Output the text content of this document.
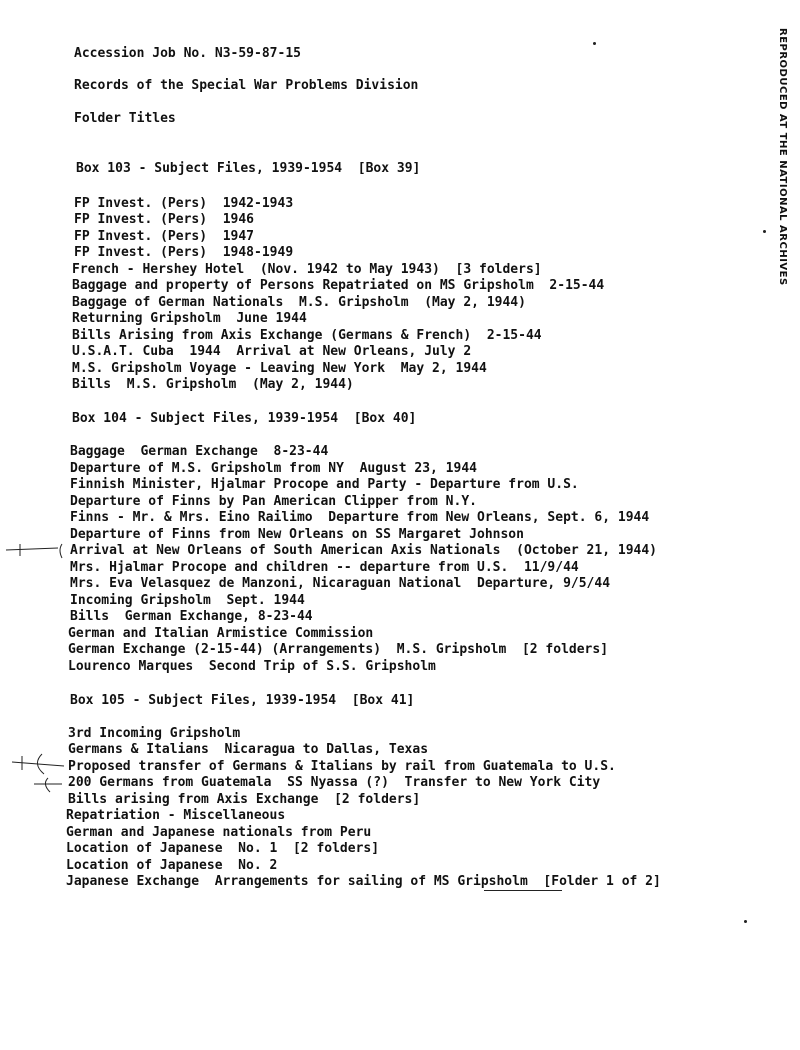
Accession Job No. N3-59-87-15
Records of the Special War Problems Division
Folder Titles
Box 103 - Subject Files, 1939-1954  [Box 39]
FP Invest. (Pers)  1942-1943
FP Invest. (Pers)  1946
FP Invest. (Pers)  1947
FP Invest. (Pers)  1948-1949
French - Hershey Hotel  (Nov. 1942 to May 1943)  [3 folders]
Baggage and property of Persons Repatriated on MS Gripsholm  2-15-44
Baggage of German Nationals  M.S. Gripsholm  (May 2, 1944)
Returning Gripsholm  June 1944
Bills Arising from Axis Exchange (Germans & French)  2-15-44
U.S.A.T. Cuba  1944  Arrival at New Orleans, July 2
M.S. Gripsholm Voyage - Leaving New York  May 2, 1944
Bills  M.S. Gripsholm  (May 2, 1944)
Box 104 - Subject Files, 1939-1954  [Box 40]
Baggage  German Exchange  8-23-44
Departure of M.S. Gripsholm from NY  August 23, 1944
Finnish Minister, Hjalmar Procope and Party - Departure from U.S.
Departure of Finns by Pan American Clipper from N.Y.
Finns - Mr. & Mrs. Eino Railimo  Departure from New Orleans, Sept. 6, 1944
Departure of Finns from New Orleans on SS Margaret Johnson
Arrival at New Orleans of South American Axis Nationals  (October 21, 1944)
Mrs. Hjalmar Procope and children -- departure from U.S.  11/9/44
Mrs. Eva Velasquez de Manzoni, Nicaraguan National  Departure, 9/5/44
Incoming Gripsholm  Sept. 1944
Bills  German Exchange, 8-23-44
German and Italian Armistice Commission
German Exchange (2-15-44) (Arrangements)  M.S. Gripsholm  [2 folders]
Lourenco Marques  Second Trip of S.S. Gripsholm
Box 105 - Subject Files, 1939-1954  [Box 41]
3rd Incoming Gripsholm
Germans & Italians  Nicaragua to Dallas, Texas
Proposed transfer of Germans & Italians by rail from Guatemala to U.S.
200 Germans from Guatemala  SS Nyassa (?)  Transfer to New York City
Bills arising from Axis Exchange  [2 folders]
Repatriation - Miscellaneous
German and Japanese nationals from Peru
Location of Japanese  No. 1  [2 folders]
Location of Japanese  No. 2
Japanese Exchange  Arrangements for sailing of MS Gripsholm  [Folder 1 of 2]
REPRODUCED AT THE NATIONAL ARCHIVES
